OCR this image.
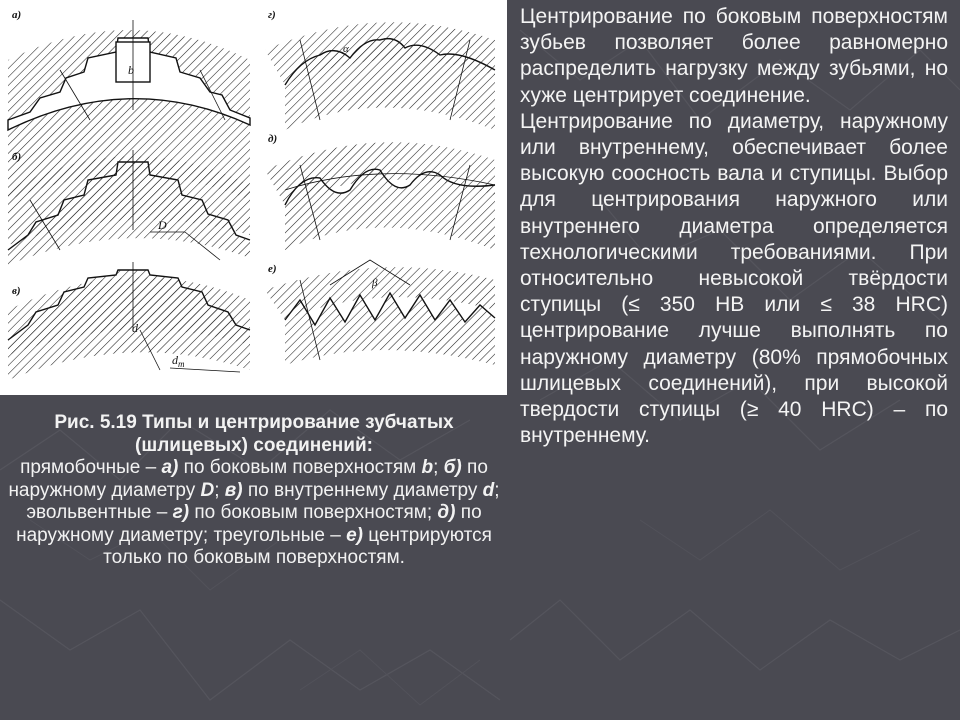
а)
b
б)
D
в)
d
$d_т$
г)
α
д)
е)
β
Рис. 5.19 Типы и центрирование зубчатых (шлицевых) соединений:
прямобочные – а) по боковым поверхностям b; б) по наружному диаметру D; в) по внутреннему диаметру d; эвольвентные – г) по боковым поверхностям; д) по наружному диаметру; треугольные – е) центрируются только по боковым поверхностям.

Центрирование по боковым поверхностям зубьев позволяет более равномерно распределить нагрузку между зубьями, но хуже центрирует соединение.

Центрирование по диаметру, наружному или внутреннему, обеспечивает более высокую соосность вала и ступицы. Выбор для центрирования наружного или внутреннего диаметра определяется технологическими требованиями. При относительно невысокой твёрдости ступицы (≤ 350 HB или ≤ 38 HRC) центрирование лучше выполнять по наружному диаметру (80% прямобочных шлицевых соединений), при высокой твердости ступицы (≥ 40 HRC) – по внутреннему.
